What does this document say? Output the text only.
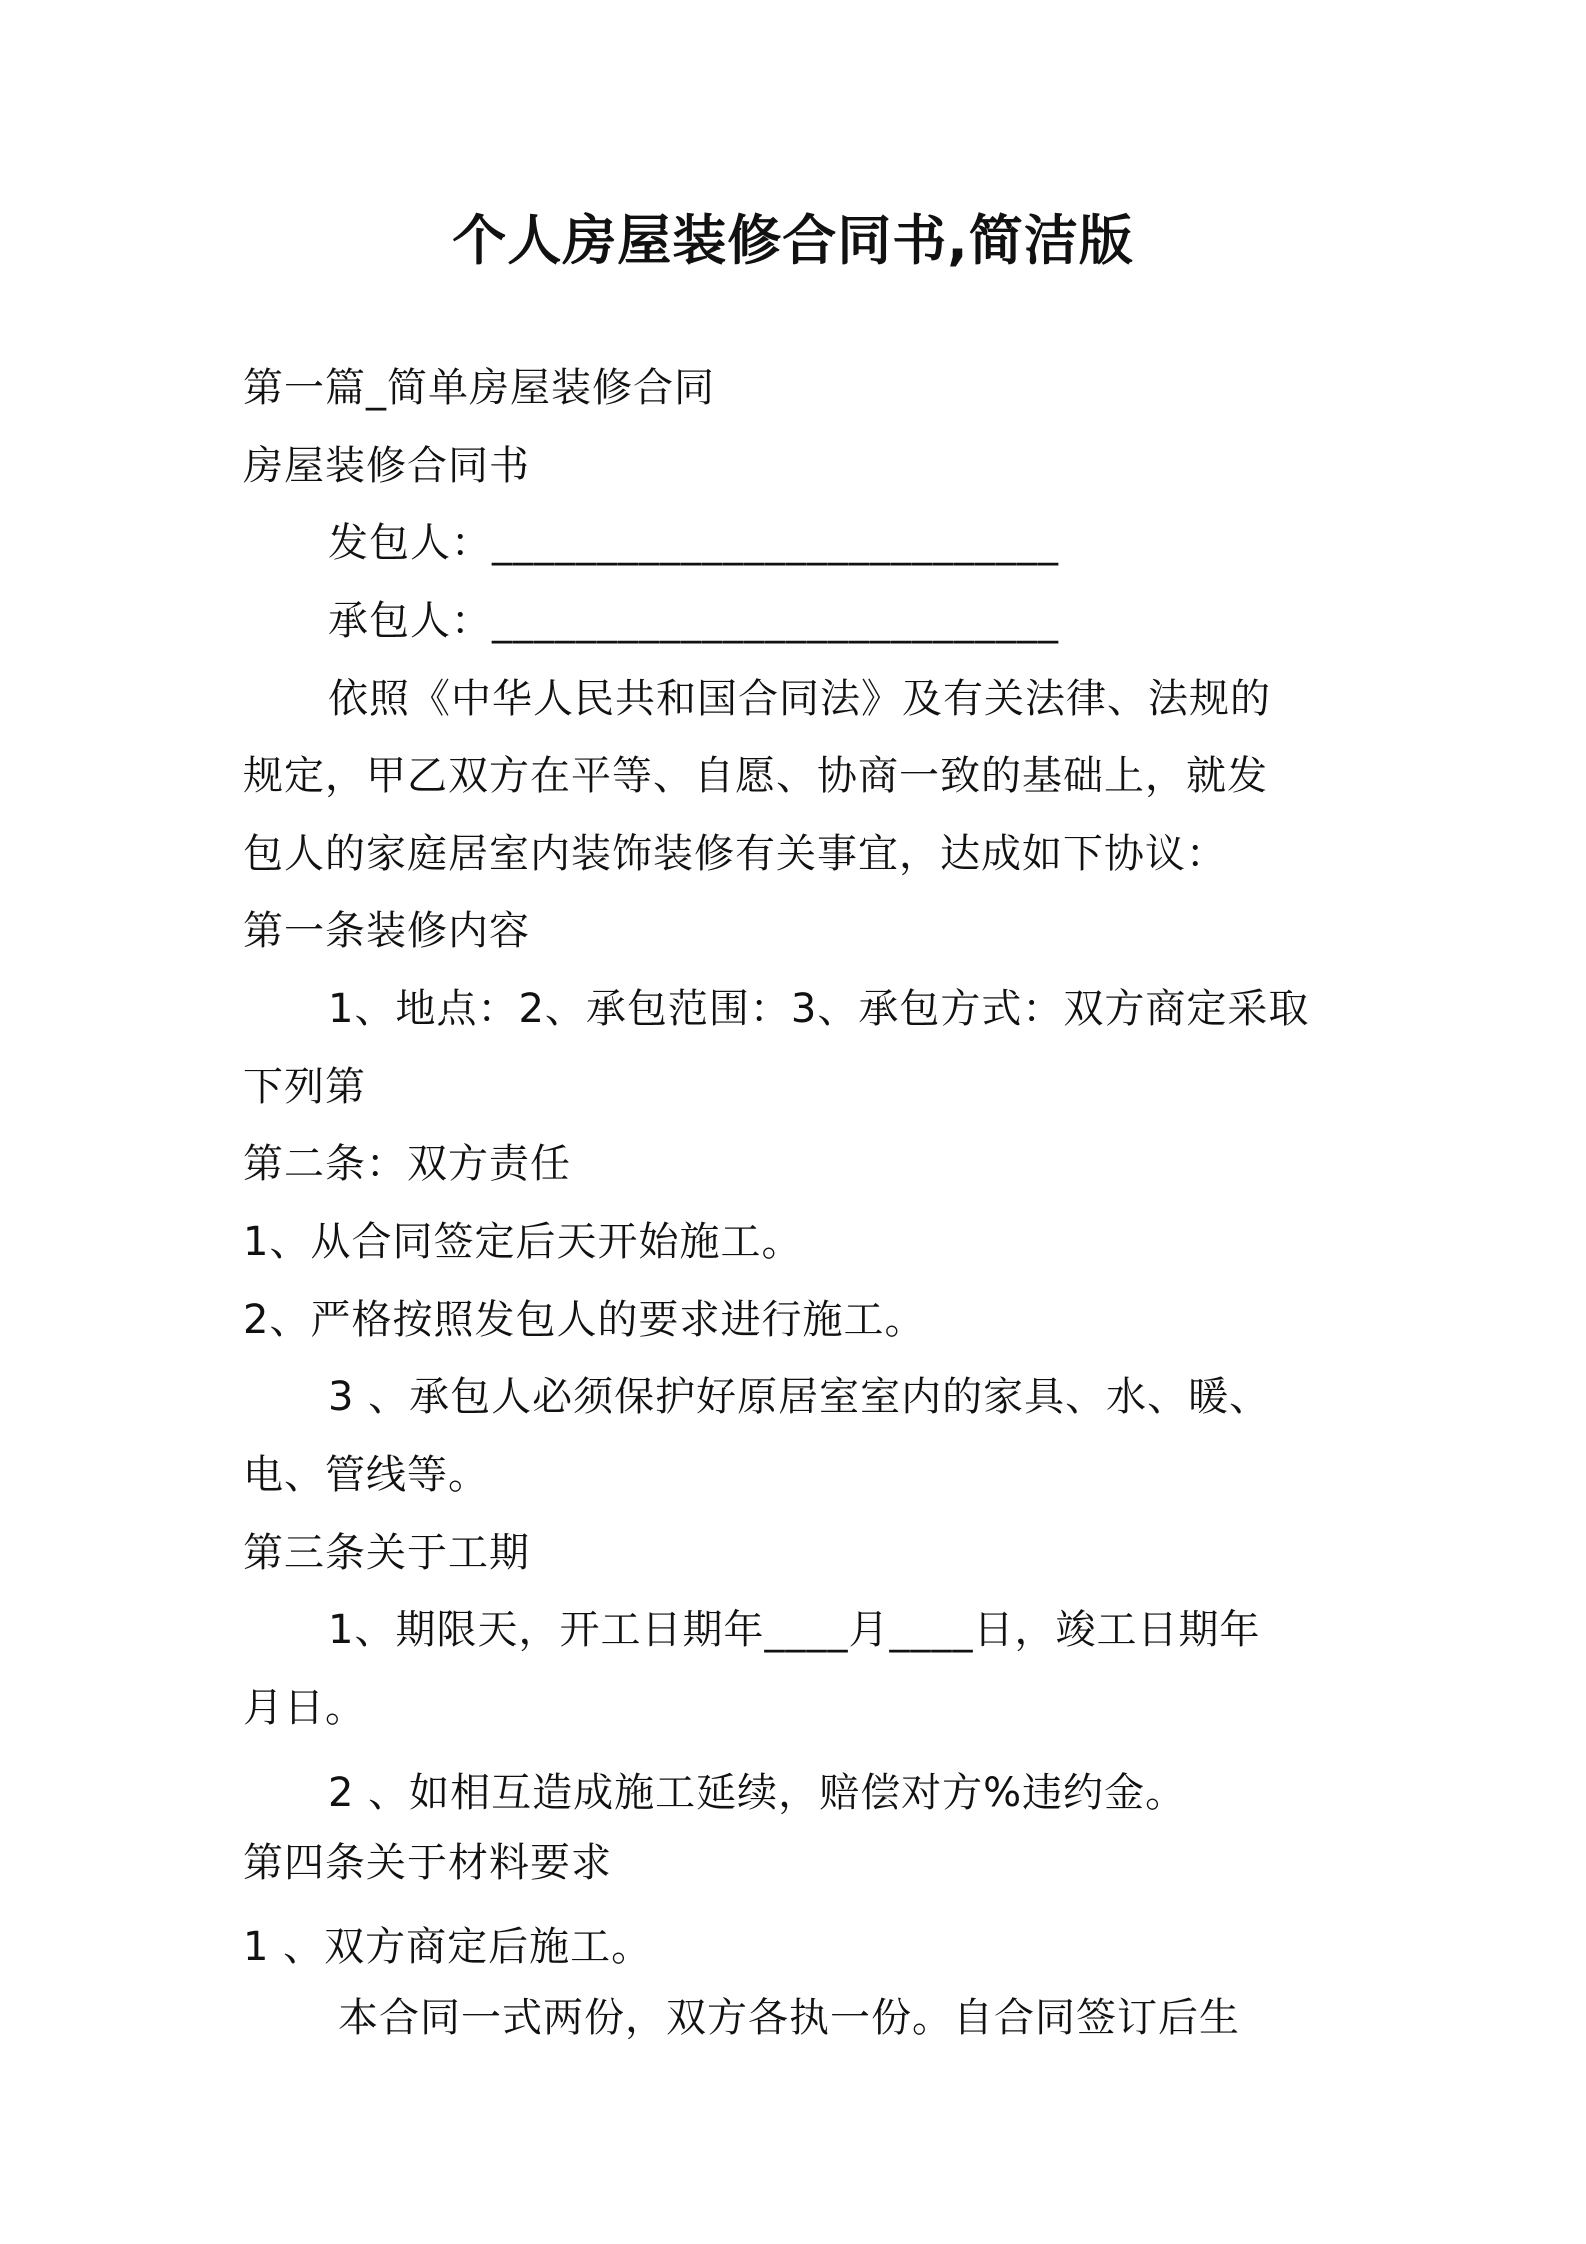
个人房屋装修合同书,简洁版
第一篇_简单房屋装修合同
房屋装修合同书
发包人：___________________________
承包人：___________________________
依照《中华人民共和国合同法》及有关法律、法规的
规定，甲乙双方在平等、自愿、协商一致的基础上，就发
包人的家庭居室内装饰装修有关事宜，达成如下协议：
第一条装修内容
1、地点：2、承包范围：3、承包方式：双方商定采取
下列第
第二条：双方责任
1、从合同签定后天开始施工。
2、严格按照发包人的要求进行施工。
3 、承包人必须保护好原居室室内的家具、水、暖、
电、管线等。
第三条关于工期
1、期限天，开工日期年____月____日，竣工日期年
月日。
2 、如相互造成施工延续，赔偿对方%违约金。
第四条关于材料要求
1 、双方商定后施工。
本合同一式两份，双方各执一份。自合同签订后生
